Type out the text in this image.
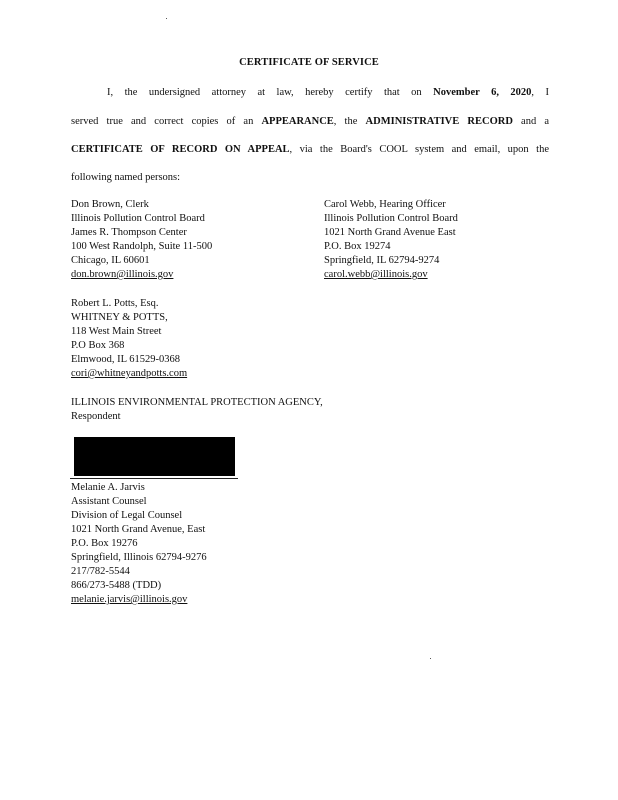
CERTIFICATE OF SERVICE
I, the undersigned attorney at law, hereby certify that on November 6, 2020, I
served true and correct copies of an APPEARANCE, the ADMINISTRATIVE RECORD and a
CERTIFICATE OF RECORD ON APPEAL, via the Board's COOL system and email, upon the
following named persons:
Don Brown, Clerk
Illinois Pollution Control Board
James R. Thompson Center
100 West Randolph, Suite 11-500
Chicago, IL 60601
don.brown@illinois.gov
Carol Webb, Hearing Officer
Illinois Pollution Control Board
1021 North Grand Avenue East
P.O. Box 19274
Springfield, IL 62794-9274
carol.webb@illinois.gov
Robert L. Potts, Esq.
WHITNEY & POTTS,
118 West Main Street
P.O Box 368
Elmwood, IL 61529-0368
cori@whitneyandpotts.com
ILLINOIS ENVIRONMENTAL PROTECTION AGENCY,
Respondent
Melanie A. Jarvis
Assistant Counsel
Division of Legal Counsel
1021 North Grand Avenue, East
P.O. Box 19276
Springfield, Illinois 62794-9276
217/782-5544
866/273-5488 (TDD)
melanie.jarvis@illinois.gov
